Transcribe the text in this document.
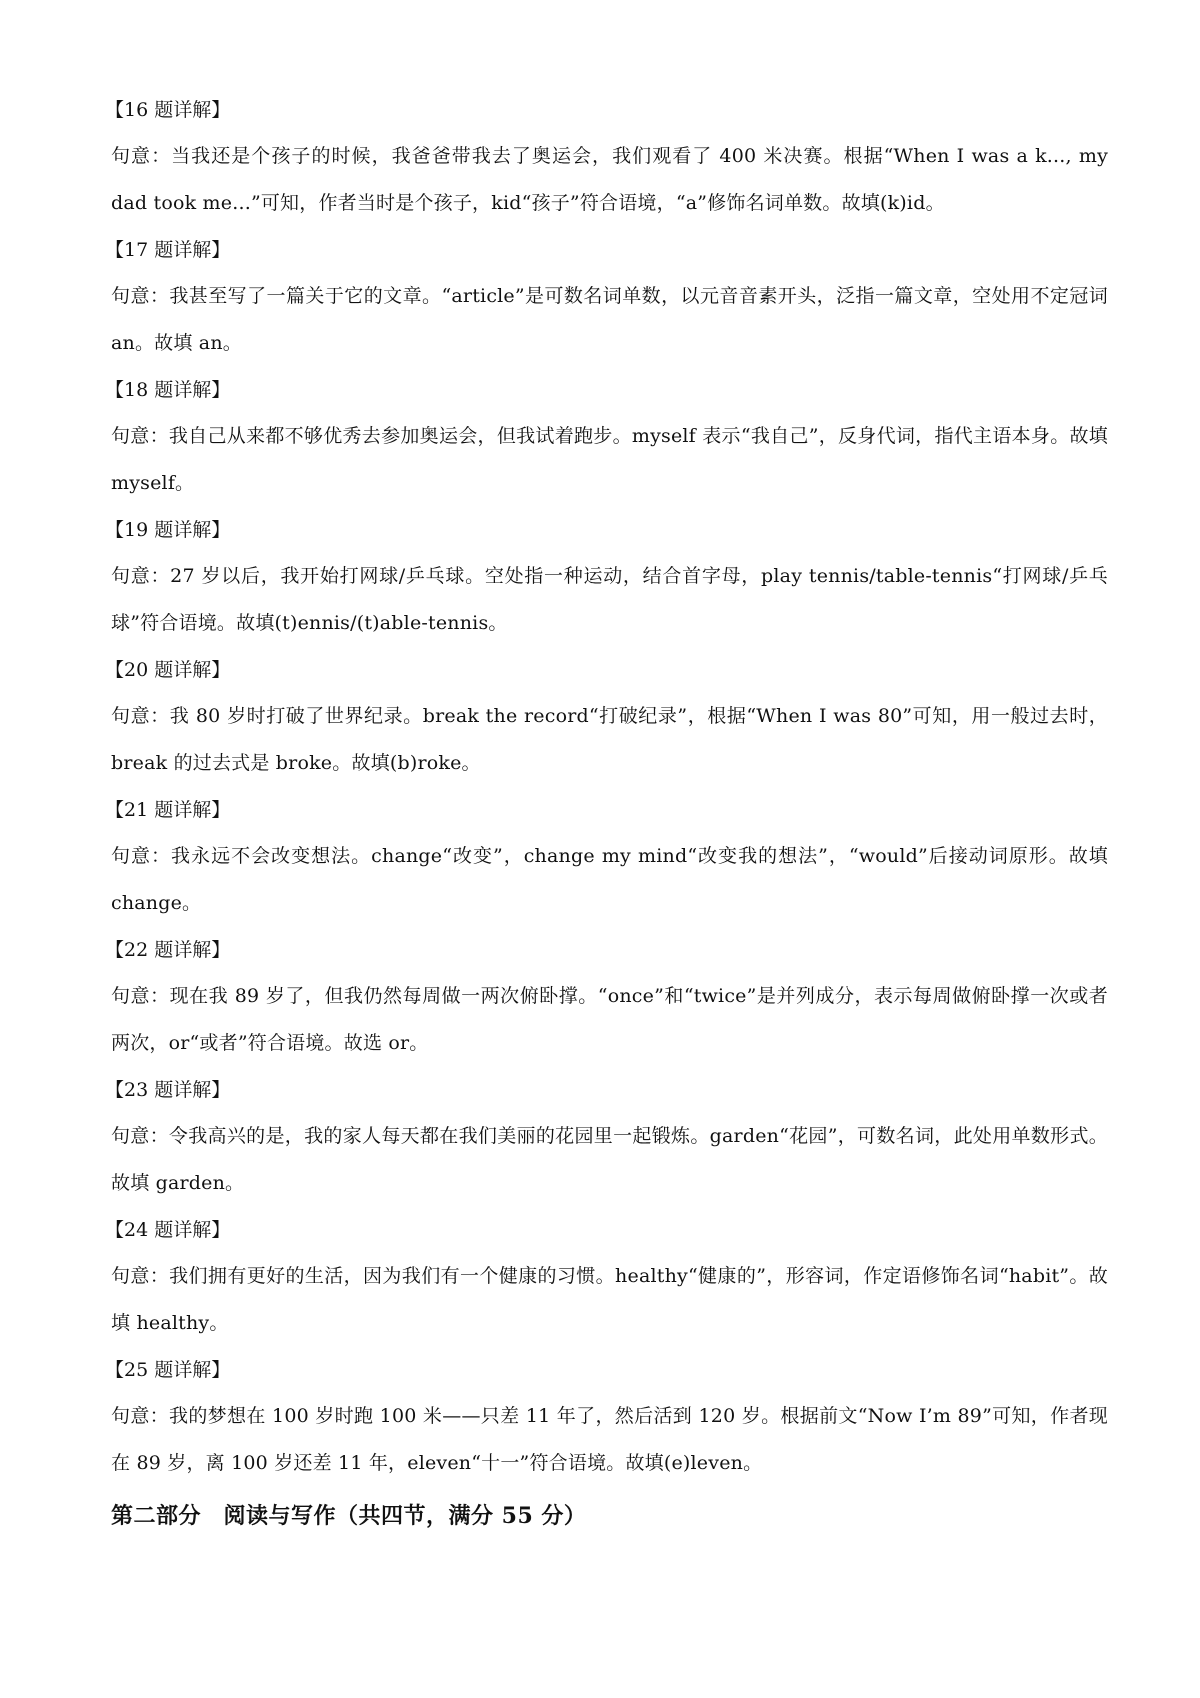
【16 题详解】
句意：当我还是个孩子的时候，我爸爸带我去了奥运会，我们观看了 400 米决赛。根据“When I was a k..., my dad took me...”可知，作者当时是个孩子，kid“孩子”符合语境，“a”修饰名词单数。故填(k)id。
【17 题详解】
句意：我甚至写了一篇关于它的文章。“article”是可数名词单数，以元音音素开头，泛指一篇文章，空处用不定冠词 an。故填 an。
【18 题详解】
句意：我自己从来都不够优秀去参加奥运会，但我试着跑步。myself 表示“我自己”，反身代词，指代主语本身。故填 myself。
【19 题详解】
句意：27 岁以后，我开始打网球/乒乓球。空处指一种运动，结合首字母，play tennis/table-tennis“打网球/乒乓球”符合语境。故填(t)ennis/(t)able-tennis。
【20 题详解】
句意：我 80 岁时打破了世界纪录。break the record“打破纪录”，根据“When I was 80”可知，用一般过去时，break 的过去式是 broke。故填(b)roke。
【21 题详解】
句意：我永远不会改变想法。change“改变”，change my mind“改变我的想法”，“would”后接动词原形。故填 change。
【22 题详解】
句意：现在我 89 岁了，但我仍然每周做一两次俯卧撑。“once”和“twice”是并列成分，表示每周做俯卧撑一次或者两次，or“或者”符合语境。故选 or。
【23 题详解】
句意：令我高兴的是，我的家人每天都在我们美丽的花园里一起锻炼。garden“花园”，可数名词，此处用单数形式。故填 garden。
【24 题详解】
句意：我们拥有更好的生活，因为我们有一个健康的习惯。healthy“健康的”，形容词，作定语修饰名词“habit”。故填 healthy。
【25 题详解】
句意：我的梦想在 100 岁时跑 100 米——只差 11 年了，然后活到 120 岁。根据前文“Now I’m 89”可知，作者现在 89 岁，离 100 岁还差 11 年，eleven“十一”符合语境。故填(e)leven。
第二部分　阅读与写作（共四节，满分 55 分）
